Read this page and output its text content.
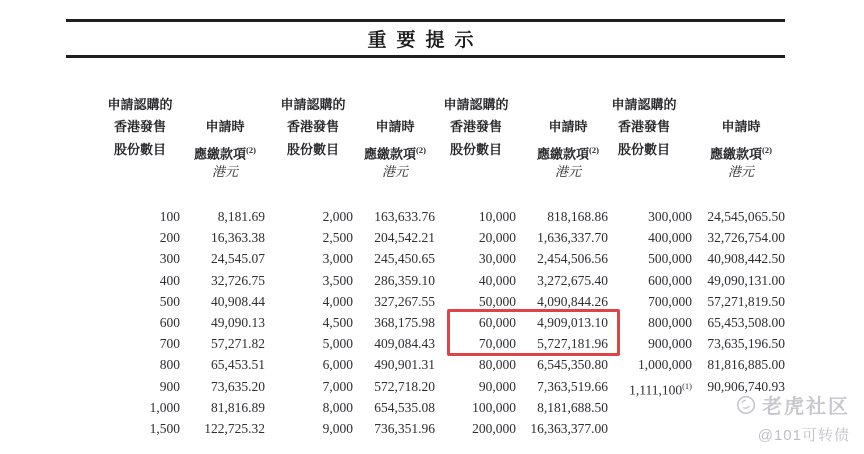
重要提示
申請認購的
香港發售
股份數目
100
200
300
400
500
600
700
800
900
1,000
1,500
申請時
應繳款項$^{(2)}$
港元
8,181.69
16,363.38
24,545.07
32,726.75
40,908.44
49,090.13
57,271.82
65,453.51
73,635.20
81,816.89
122,725.32
申請認購的
香港發售
股份數目
2,000
2,500
3,000
3,500
4,000
4,500
5,000
6,000
7,000
8,000
9,000
申請時
應繳款項$^{(2)}$
港元
163,633.76
204,542.21
245,450.65
286,359.10
327,267.55
368,175.98
409,084.43
490,901.31
572,718.20
654,535.08
736,351.96
申請認購的
香港發售
股份數目
10,000
20,000
30,000
40,000
50,000
60,000
70,000
80,000
90,000
100,000
200,000
申請時
應繳款項$^{(2)}$
港元
818,168.86
1,636,337.70
2,454,506.56
3,272,675.40
4,090,844.26
4,909,013.10
5,727,181.96
6,545,350.80
7,363,519.66
8,181,688.50
16,363,377.00
申請認購的
香港發售
股份數目
300,000
400,000
500,000
600,000
700,000
800,000
900,000
1,000,000
1,111,100$^{(1)}$
申請時
應繳款項$^{(2)}$
港元
24,545,065.50
32,726,754.00
40,908,442.50
49,090,131.00
57,271,819.50
65,453,508.00
73,635,196.50
81,816,885.00
90,906,740.93
老虎社区
@101可转债
